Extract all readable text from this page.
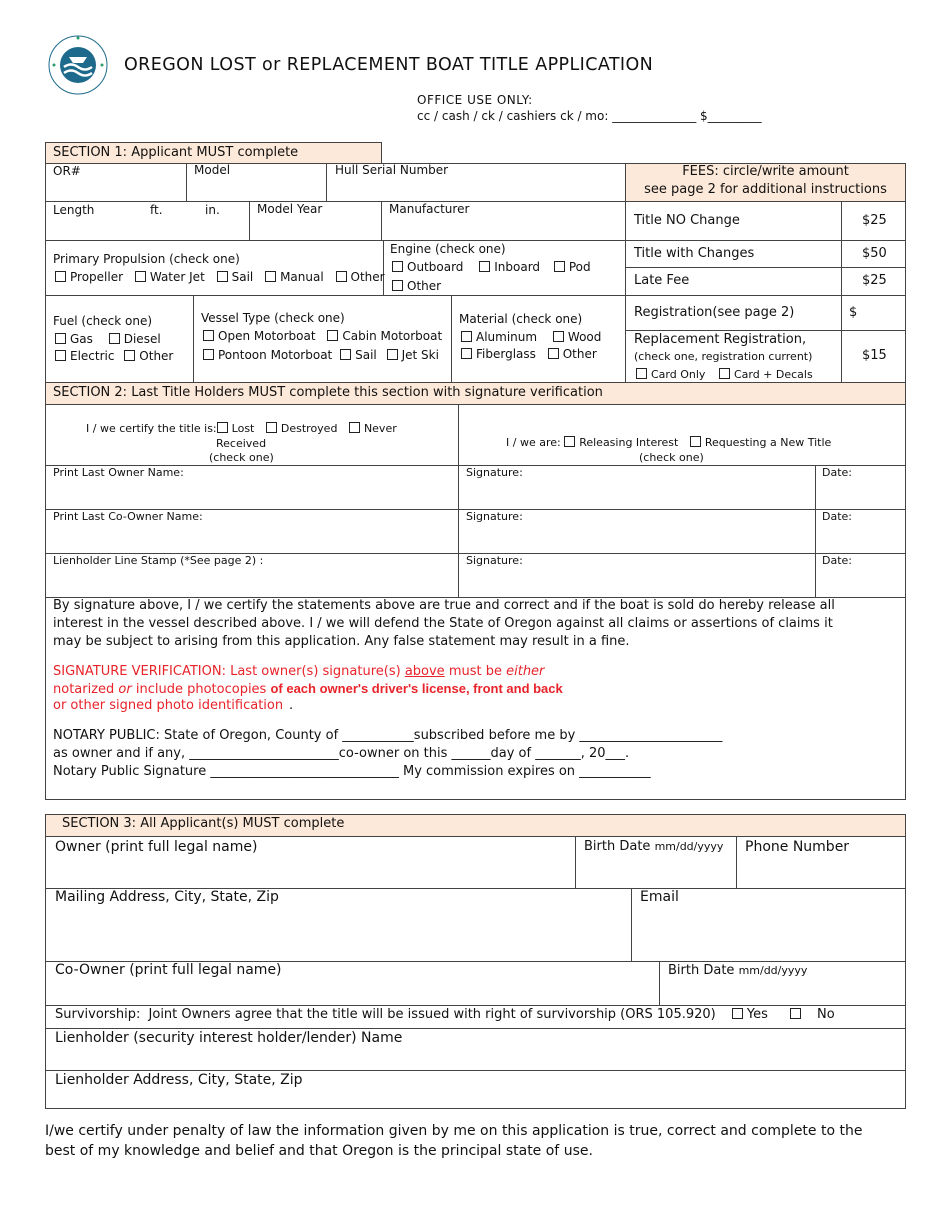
OREGON LOST or REPLACEMENT BOAT TITLE APPLICATION
OFFICE USE ONLY:
cc / cash / ck / cashiers ck / mo: ______________ $_________
SECTION 1: Applicant MUST complete
OR#	Model	Hull Serial Number
Length	ft.	in.	Model Year	Manufacturer
Primary Propulsion (check one)
Propeller Water Jet Sail Manual Other
Engine (check one)
Outboard	Inboard Pod
Other
Fuel (check one)
Gas	Diesel
Electric Other
Vessel Type (check one)
Open Motorboat Cabin Motorboat
Pontoon Motorboat Sail Jet Ski
Material (check one)
Aluminum	Wood
Fiberglass Other
FEES: circle/write amount
see page 2 for additional instructions
Title NO Change	$25
Title with Changes	$50
Late Fee	$25
Registration(see page 2)	$
Replacement Registration,
(check one, registration current)
Card Only	Card + Decals
$15
SECTION 2: Last Title Holders MUST complete this section with signature verification
I / we certify the title is: Lost Destroyed Never
Received
(check one)
I / we are: Releasing Interest Requesting a New Title
(check one)
Print Last Owner Name:	Signature:	Date:
Print Last Co-Owner Name:	Signature:	Date:
Lienholder Line Stamp (*See page 2) :	Signature:	Date:
By signature above, I / we certify the statements above are true and correct and if the boat is sold do hereby release all
interest in the vessel described above. I / we will defend the State of Oregon against all claims or assertions of claims it
may be subject to arising from this application. Any false statement may result in a fine.
SIGNATURE VERIFICATION: Last owner(s) signature(s) above must be either
notarized or include photocopies of each owner's driver's license, front and back
or other signed photo identification .
NOTARY PUBLIC: State of Oregon, County of ___________subscribed before me by ______________________
as owner and if any, _______________________co-owner on this ______day of _______, 20___.
Notary Public Signature _____________________________ My commission expires on ___________
SECTION 3: All Applicant(s) MUST complete
Owner (print full legal name)	Birth Date mm/dd/yyyy Phone Number
Mailing Address, City, State, Zip	Email
Co-Owner (print full legal name)	Birth Date mm/dd/yyyy
Survivorship: Joint Owners agree that the title will be issued with right of survivorship (ORS 105.920) Yes	No
Lienholder (security interest holder/lender) Name
Lienholder Address, City, State, Zip
I/we certify under penalty of law the information given by me on this application is true, correct and complete to the
best of my knowledge and belief and that Oregon is the principal state of use.
